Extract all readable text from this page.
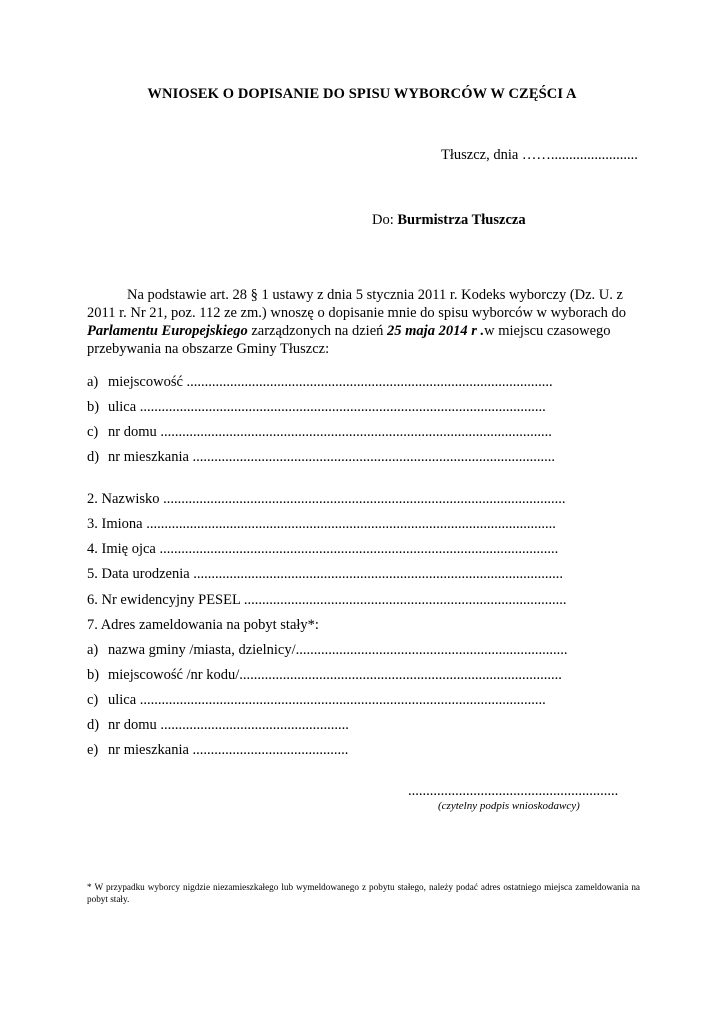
WNIOSEK O DOPISANIE DO SPISU WYBORCÓW W CZĘŚCI A
Tłuszcz, dnia ……........................
Do: Burmistrza Tłuszcza
Na podstawie art. 28 § 1 ustawy z dnia 5 stycznia 2011 r. Kodeks wyborczy (Dz. U. z 2011 r. Nr 21, poz. 112 ze zm.) wnoszę o dopisanie mnie do spisu wyborców w wyborach do Parlamentu Europejskiego zarządzonych na dzień 25 maja 2014 r .w miejscu czasowego przebywania na obszarze Gminy Tłuszcz:
a) miejscowość .....................................................................................................
b) ulica ................................................................................................................
c) nr domu ............................................................................................................
d) nr mieszkania ....................................................................................................
2. Nazwisko ...............................................................................................................
3. Imiona .................................................................................................................
4. Imię ojca ..............................................................................................................
5. Data urodzenia ......................................................................................................
6. Nr ewidencyjny PESEL .........................................................................................
7. Adres zameldowania na pobyt stały*:
a) nazwa gminy /miasta, dzielnicy/...........................................................................
b) miejscowość /nr kodu/.........................................................................................
c) ulica ................................................................................................................
d) nr domu ....................................................
e) nr mieszkania ...........................................
..........................................................
(czytelny podpis wnioskodawcy)
* W przypadku wyborcy nigdzie niezamieszkałego lub wymeldowanego z pobytu stałego, należy podać adres ostatniego miejsca zameldowania na pobyt stały.
